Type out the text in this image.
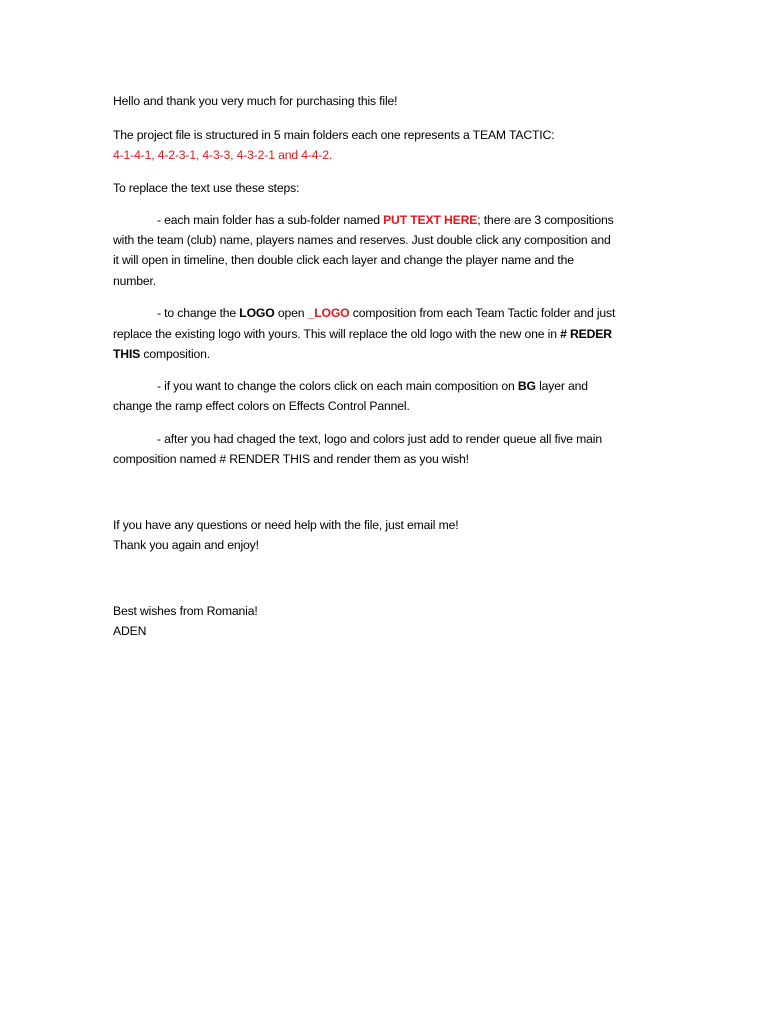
Hello and thank you very much for purchasing this file!

The project file is structured in 5 main folders each one represents a TEAM TACTIC:

4-1-4-1, 4-2-3-1, 4-3-3, 4-3-2-1 and 4-4-2.

To replace the text use these steps:

- each main folder has a sub-folder named PUT TEXT HERE; there are 3 compositions

with the team (club) name, players names and reserves. Just double click any composition and

it will open in timeline, then double click each layer and change the player name and the

number.

- to change the LOGO open _LOGO composition from each Team Tactic folder and just

replace the existing logo with yours. This will replace the old logo with the new one in # REDER

THIS composition.

- if you want to change the colors click on each main composition on BG layer and

change the ramp effect colors on Effects Control Pannel.

- after you had chaged the text, logo and colors just add to render queue all five main

composition named # RENDER THIS and render them as you wish!

If you have any questions or need help with the file, just email me!

Thank you again and enjoy!

Best wishes from Romania!

ADEN
